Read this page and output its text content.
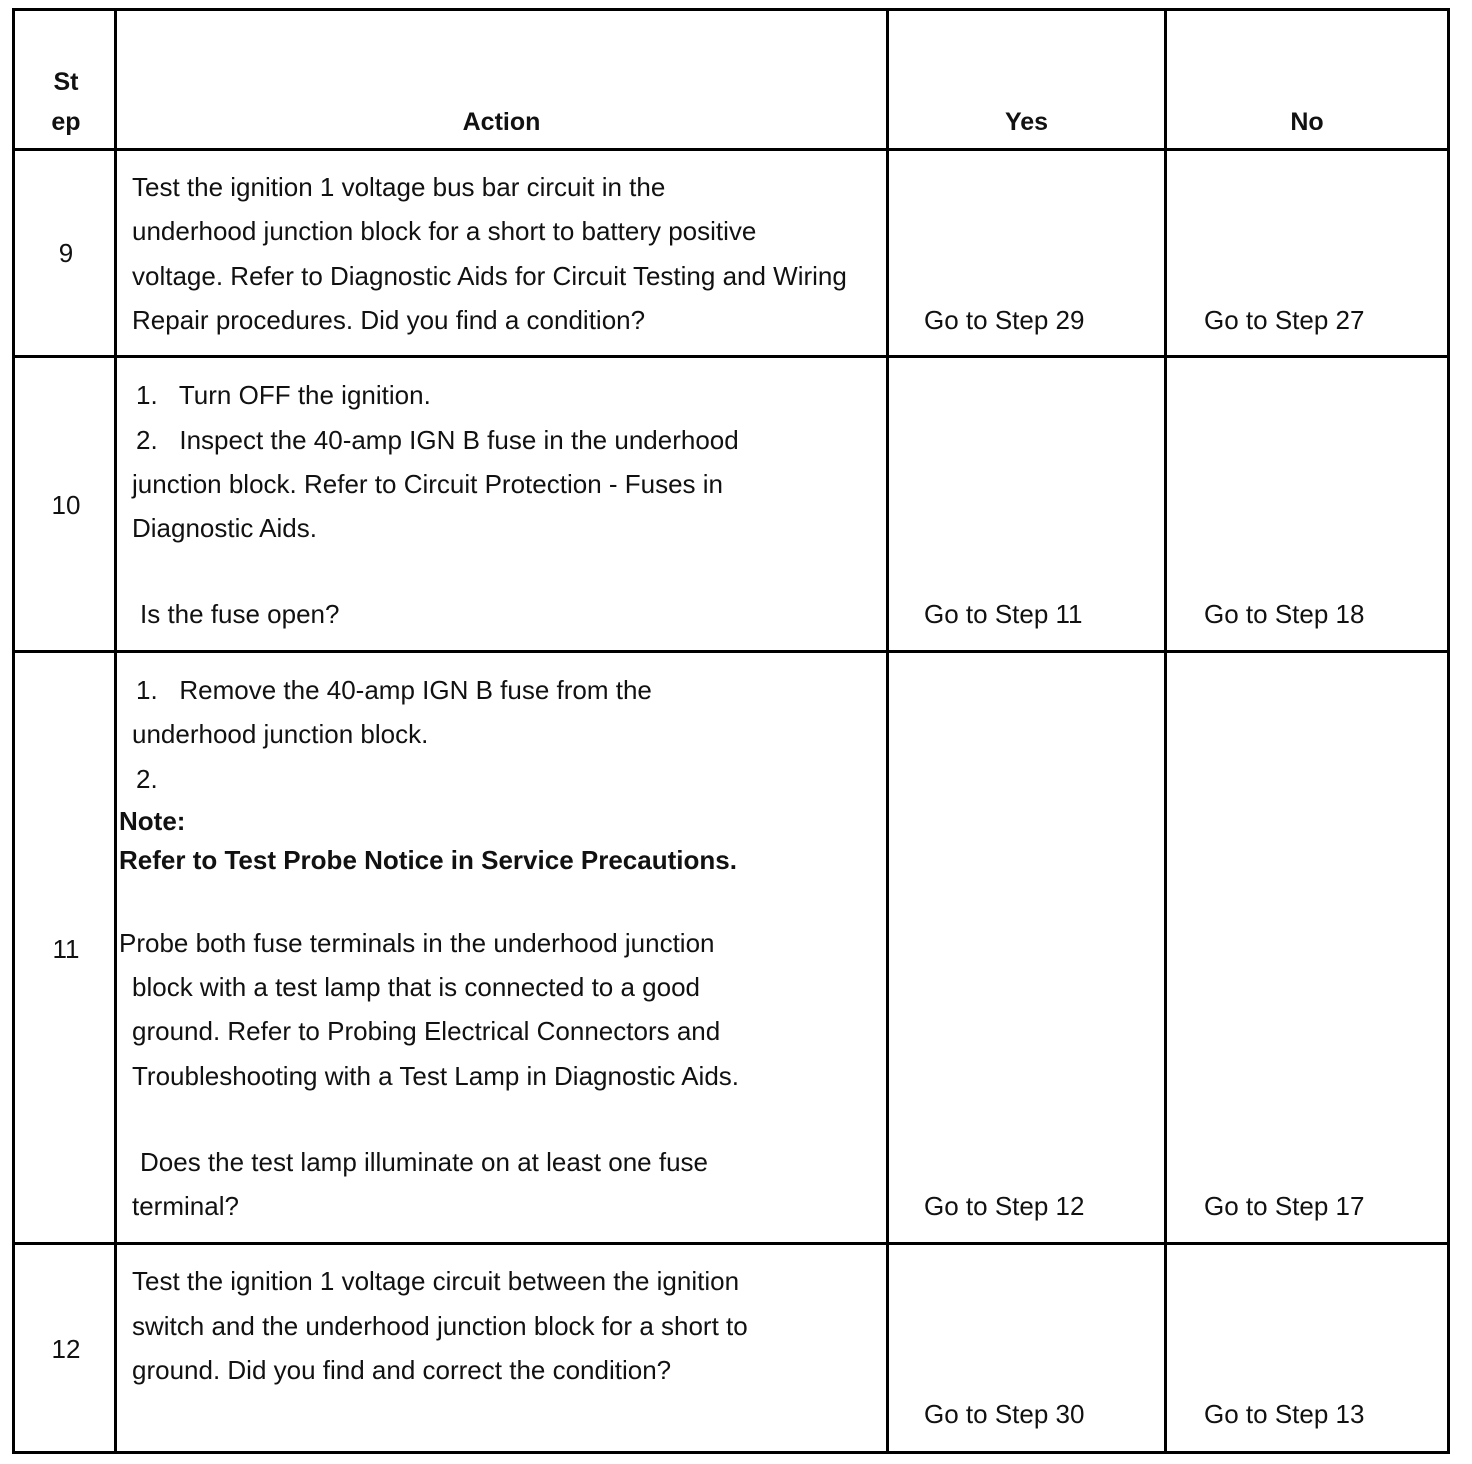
St
ep	Action	Yes	No
9
Test the ignition 1 voltage bus bar circuit in the
underhood junction block for a short to battery positive
voltage. Refer to Diagnostic Aids for Circuit Testing and Wiring
Repair procedures. Did you find a condition?	Go to Step 29	Go to Step 27
10
1.   Turn OFF the ignition.
2.   Inspect the 40-amp IGN B fuse in the underhood
junction block. Refer to Circuit Protection - Fuses in
Diagnostic Aids.
Is the fuse open?	Go to Step 11	Go to Step 18
11
1.   Remove the 40-amp IGN B fuse from the
underhood junction block.
2.
Note:
Refer to Test Probe Notice in Service Precautions.
Probe both fuse terminals in the underhood junction
block with a test lamp that is connected to a good
ground. Refer to Probing Electrical Connectors and
Troubleshooting with a Test Lamp in Diagnostic Aids.
Does the test lamp illuminate on at least one fuse
terminal?	Go to Step 12	Go to Step 17
12
Test the ignition 1 voltage circuit between the ignition
switch and the underhood junction block for a short to
ground. Did you find and correct the condition?
Go to Step 30	Go to Step 13
